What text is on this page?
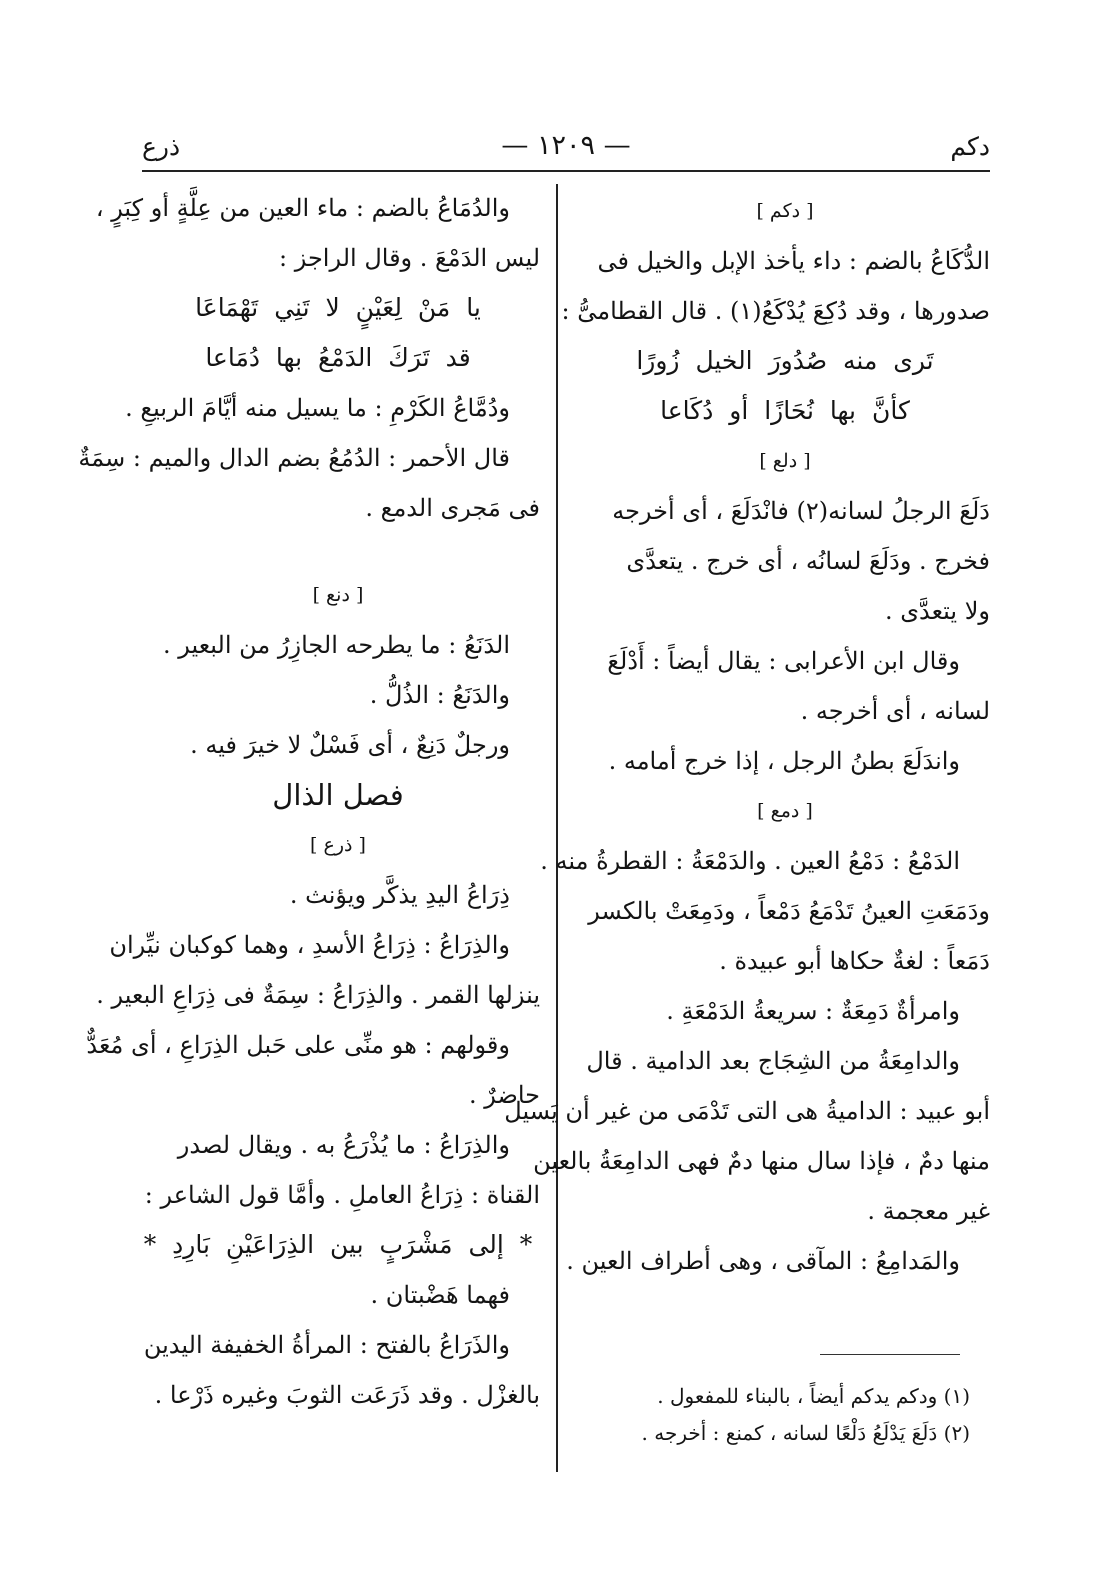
دكم
— ١٢٠٩ —
ذرع
[ دكم ]
الدُّكَاعُ بالضم : داء يأخذ الإبل والخيل فى
صدورها ، وقد دُكِعَ يُدْكَعُ(١) . قال القطامىُّ :
تَرى منه صُدُورَ الخيل زُورًا
كأنَّ بها نُحَازًا أو دُكَاعا
[ دلع ]
دَلَعَ الرجلُ لسانه(٢) فانْدَلَعَ ، أى أخرجه
فخرج . ودَلَعَ لسانُه ، أى خرج . يتعدَّى
ولا يتعدَّى .
وقال ابن الأعرابى : يقال أيضاً : أَدْلَعَ
لسانه ، أى أخرجه .
واندَلَعَ بطنُ الرجل ، إذا خرج أمامه .
[ دمع ]
الدَمْعُ : دَمْعُ العين . والدَمْعَةُ : القطرةُ منه .
ودَمَعَتِ العينُ تَدْمَعُ دَمْعاً ، ودَمِعَتْ بالكسر
دَمَعاً : لغةٌ حكاها أبو عبيدة .
وامرأةٌ دَمِعَةٌ : سريعةُ الدَمْعَةِ .
والدامِعَةُ من الشِجَاج بعد الدامية . قال
أبو عبيد : الداميةُ هى التى تَدْمَى من غير أن يَسيل
منها دمٌ ، فإذا سال منها دمٌ فهى الدامِعَةُ بالعين
غير معجمة .
والمَدامِعُ : المآقى ، وهى أطراف العين .
والدُمَاعُ بالضم : ماء العين من عِلَّةٍ أو كِبَرٍ ،
ليس الدَمْعَ . وقال الراجز :
يا مَنْ لِعَيْنٍ لا تَنِي تَهْمَاعَا
قد تَرَكَ الدَمْعُ بها دُمَاعا
ودُمَّاعُ الكَرْمِ : ما يسيل منه أيَّامَ الربيعِ .
قال الأحمر : الدُمُعُ بضم الدال والميم : سِمَةٌ
فى مَجرى الدمع .
[ دنع ]
الدَنَعُ : ما يطرحه الجازِرُ من البعير .
والدَنَعُ : الذُلُّ .
ورجلٌ دَنِعٌ ، أى فَسْلٌ لا خيرَ فيه .
فصل الذال
[ ذرع ]
ذِرَاعُ اليدِ يذكَّر ويؤنث .
والذِرَاعُ : ذِرَاعُ الأسدِ ، وهما كوكبان نيِّران
ينزلها القمر . والذِرَاعُ : سِمَةٌ فى ذِرَاعِ البعير .
وقولهم : هو منِّى على حَبل الذِرَاعِ ، أى مُعَدٌّ
حاضرٌ .
والذِرَاعُ : ما يُذْرَعُ به . ويقال لصدر
القناة : ذِرَاعُ العاملِ . وأمَّا قول الشاعر :
* إلى مَشْرَبٍ بين الذِرَاعَيْنِ بَارِدِ *
فهما هَضْبتان .
والذَرَاعُ بالفتح : المرأةُ الخفيفة اليدين
بالغزْل . وقد ذَرَعَت الثوبَ وغيره ذَرْعا .	(١) ودكم يدكم أيضاً ، بالبناء للمفعول .
(٢) دَلَعَ يَدْلَعُ دَلْعًا لسانه ، كمنع : أخرجه .
